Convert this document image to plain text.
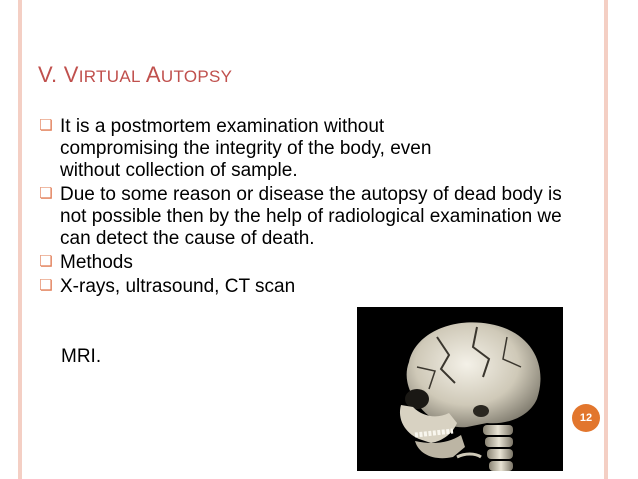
V. VIRTUAL AUTOPSY
❏ It is a postmortem examination without compromising the integrity of the body, even without collection of sample.
❏ Due to some reason or disease the autopsy of dead body is not possible then by the help of radiological examination we can detect the cause of death.
❏ Methods
❏ X-rays, ultrasound, CT scan
MRI.
12
